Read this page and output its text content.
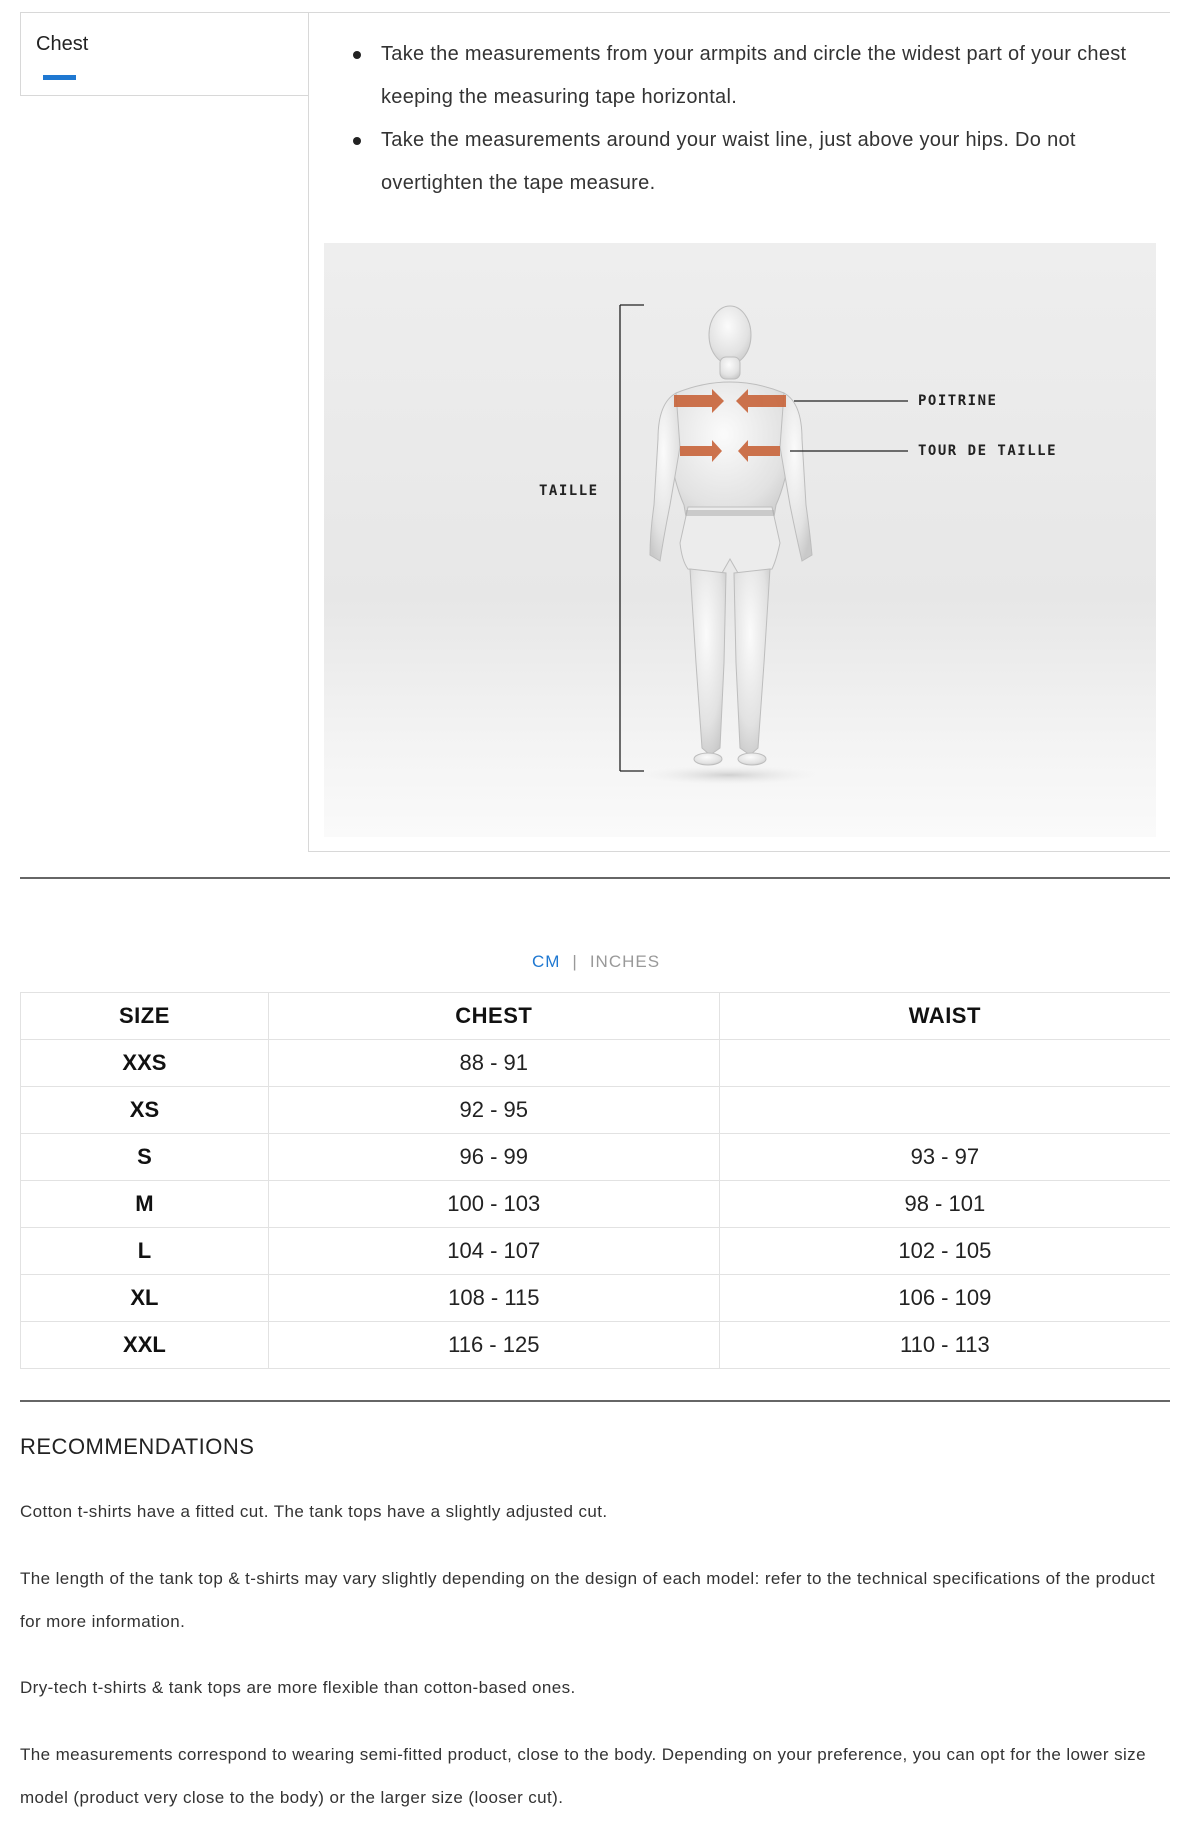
Chest	Take the measurements from your armpits and circle the widest part of your chest keeping the measuring tape horizontal.
Take the measurements around your waist line, just above your hips. Do not overtighten the tape measure.
POITRINE
TOUR DE TAILLE
TAILLE
CM | INCHES
SIZE	CHEST	WAIST
XXS	88 - 91	
XS	92 - 95	
S	96 - 99	93 - 97
M	100 - 103	98 - 101
L	104 - 107	102 - 105
XL	108 - 115	106 - 109
XXL	116 - 125	110 - 113
RECOMMENDATIONS

Cotton t-shirts have a fitted cut. The tank tops have a slightly adjusted cut.

The length of the tank top & t-shirts may vary slightly depending on the design of each model: refer to the technical specifications of the product for more information.

Dry-tech t-shirts & tank tops are more flexible than cotton-based ones.

The measurements correspond to wearing semi-fitted product, close to the body. Depending on your preference, you can opt for the lower size model (product very close to the body) or the larger size (looser cut).
